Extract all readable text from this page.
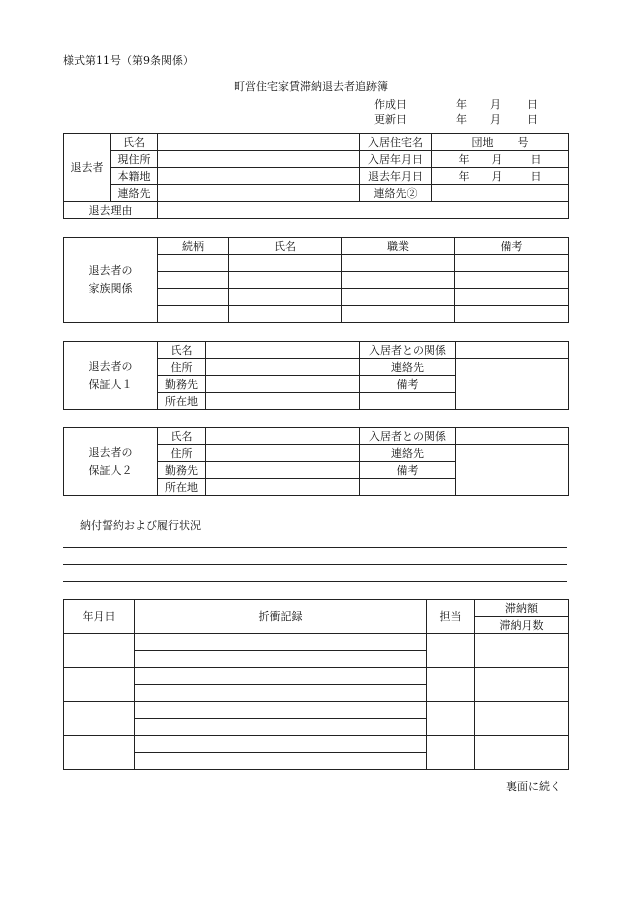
様式第11号（第9条関係）
町営住宅家賃滞納退去者追跡簿
作成日	年 月 日
更新日	年 月 日
退去者	氏名		入居住宅名	団地 号
	現住所		入居年月日	年 月 日
	本籍地		退去年月日	年 月 日
	連絡先		連絡先②	
退去理由				
退去者の
家族関係	続柄	氏名	職業	備考

退去者の
保証人１	氏名		入居者との関係	
	住所		連絡先	
	勤務先		備考	
	所在地			
退去者の
保証人２	氏名		入居者との関係	
	住所		連絡先	
	勤務先		備考	
	所在地			
納付誓約および履行状況
年月日	折衝記録	担当	滞納額
			滞納月数

裏面に続く
